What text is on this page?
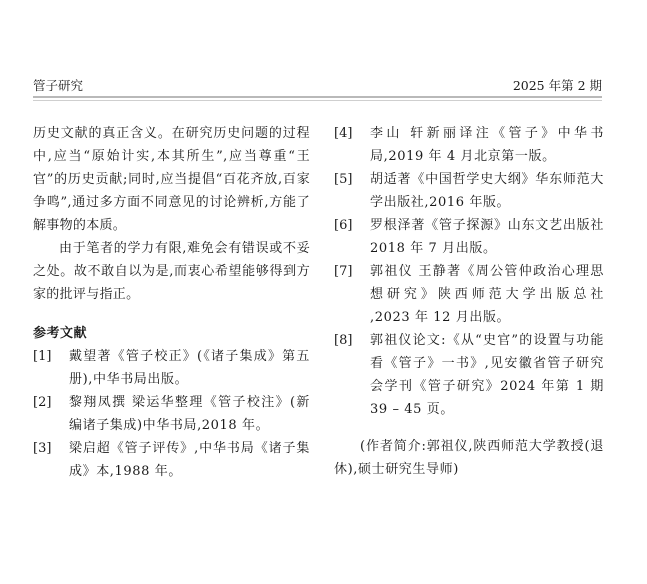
管子研究	2025 年第 2 期

历史文献的真正含义。在研究历史问题的过程中,应当“原始计实,本其所生”,应当尊重“王官”的历史贡献;同时,应当提倡“百花齐放,百家争鸣”,通过多方面不同意见的讨论辨析,方能了解事物的本质。

由于笔者的学力有限,难免会有错误或不妥之处。故不敢自以为是,而衷心希望能够得到方家的批评与指正。

参考文献
[1]	戴望著《管子校正》(《诸子集成》第五册),中华书局出版。
[2]	黎翔凤撰 梁运华整理《管子校注》(新编诸子集成)中华书局,2018 年。
[3]	梁启超《管子评传》,中华书局《诸子集成》本,1988 年。
[4]	李山 轩新丽译注《管子》中华书局,2019 年 4 月北京第一版。
[5]	胡适著《中国哲学史大纲》华东师范大学出版社,2016 年版。
[6]	罗根泽著《管子探源》山东文艺出版社 2018 年 7 月出版。
[7]	郭祖仪 王静著《周公管仲政治心理思想研究》陕西师范大学出版总社 ,2023 年 12 月出版。
[8]	郭祖仪论文:《从“史官”的设置与功能看《管子》一书》,见安徽省管子研究会学刊《管子研究》2024 年第 1 期 39 – 45 页。

(作者简介:郭祖仪,陕西师范大学教授(退休),硕士研究生导师)
